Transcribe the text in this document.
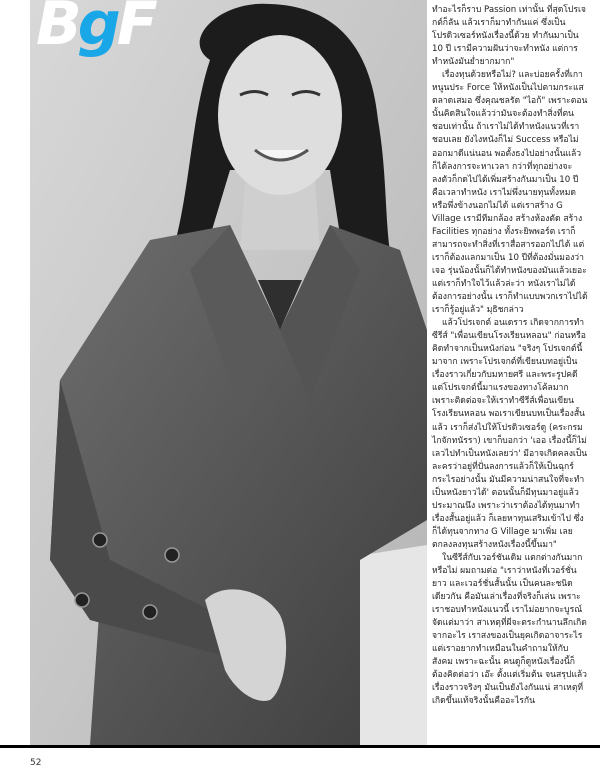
BgF	ทำอะไรก็ราบ Passion เท่านั้น ที่สุดโปรเจกต์ก็ลัน แล้วเราก็มาทำกันแค่ ซึ่งเป็นโปรดิวเซอร์หนังเรื่องนี้ด้วย ทำกันมาเป็น 10 ปี เรามีความฝันว่าจะทำหนัง แต่การทำหนังมันย่ำยากมาก"

เรื่องทุนด้วยหรือไม่? และบ่อยครั้งที่เกาหนูนประ Force ให้หนังเป็นไปตามกระแสตลาดเสมอ ซึ่งคุณชลรัต "ไอก้" เพราะตอนนั้นคิดสินใจแล้วว่ามันจะต้องทำสิ่งที่ตนชอบเท่านั้น ถ้าเราไม่ได้ทำหนังแนวที่เราชอบเลย ยังไงหนังก็ไม่ Success หรือไม่ออกมาดีแน่นอน พอตั้งธงไปอย่างนั้นแล้วก็ได้ลงการจะหาเวลา กว่าที่ทุกอย่างจะลงตัวก็กดไปได้เพิ่มสร้างกันมาเป็น 10 ปี คือเวลาทำหนัง เราไม่พึ่งนายทุนทั้งหมด หรือพึ่งข้างนอกไม่ได้ แต่เราสร้าง G Village เรามีทีมกล้อง สร้างห้องตัด สร้าง Facilities ทุกอย่าง ทั้งระยิพพอร์ต เราก็สามารถจะทำสิ่งที่เราสื่อสารออกไปได้ แต่เราก็ต้องแลกมาเป็น 10 ปีที่ต้องมั่นมองว่า เจอ รุ่นน้องนั้นก็ได้ทำหนังของมันแล้วเยอะ แต่เราก็ทำใจไว้แล้วล่ะว่า หนังเราไม่ได้ต้องการอย่างนั้น เราก็ทำแบบพวกเราไปได้ เราก็รู้อยู่แล้ว" มุธิชกล่าว

แล้วโปรเจกต์ อนเดราร เกิดจากการทำซีรีส์ "เพื่อนเขียนโรงเรียนหลอน" ก่อนหรือคิดทำจากเป็นหนังก่อน "จริงๆ โปรเจกต์นี้มาจาก เพราะโปรเจกต์ที่เขียนบทอยู่เป็นเรื่องราวเกี่ยวกับมหายศรี และพระรูปคดี แต่โปรเจกต์นี้มาแรงของทางโค้ลมาก เพราะติดต่อจะให้เราทำซีรีส์เพื่อนเขียนโรงเรียนหลอน พอเราเขียนบทเป็นเรื่องสั้นแล้ว เราก็ส่งไปให้โปรดิวเซอร์ดู (คระกรม ไกจักทนัรรา) เขาก็บอกว่า 'เออ เรื่องนี้ก็ไม่เลวไปทำเป็นหนังเลยว่า' มีอาจเกิดคลงเป็นละครว่าอยู่ที่ปั่นลงการแล้วก็ให้เป็นฉุกร์กระไรอย่างนั้น มันมีความน่าสนใจที่จะทำเป็นหนังยาวได้' ตอนนั้นก็มีทุนมาอยู่แล้วประมาณนึง เพราะว่าเราต้องได้ทุนมาทำเรื่องสั้นอยู่แล้ว ก็เลยหาทุนเสริมเข้าไป ซึ่งก็ได้ทุนจากทาง G Village มาเพิ่ม เลยตกลงลงทุนสร้างหนังเรื่องนี้ขึ้นมา"

ในซีรีส์กับเวอร์ชันเดิม แตกต่างกันมากหรือไม่ ผมถามต่อ "เราว่าหนังที่เวอร์ชั่นยาว และเวอร์ชั่นสั้นนั้น เป็นคนละชนิดเดียวกัน คือมันเล่าเรื่องที่จริงก็เล่น เพราะเราชอบทำหนังแนวนี้ เราไม่อยากจะบูรณ์จัดแต่มาว่า สาเหตุที่ผีจะตระกำนานลึกเกิดจากอะไร เราสงของเป็นยุคเกิดอาจาระไร แต่เราอยากทำเหมือนในคำถามให้กับสังคม เพราะฉะนั้น คนดูก็ดูหนังเรื่องนี้ก็ต้องคิดต่อว่า เอ๊ะ ตั้งแต่เริ่มต้น จนสรุปแล้วเรื่องราวจริงๆ มันเป็นยังไงกันแน่ สาเหตุที่เกิดขึ้นแท้จริงนั้นคืออะไรกัน

52
